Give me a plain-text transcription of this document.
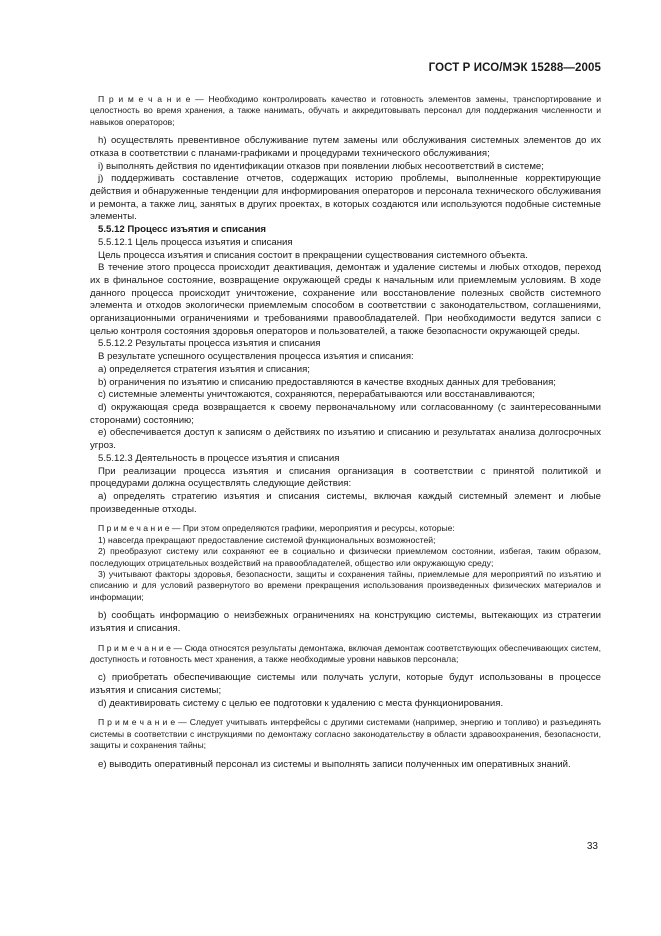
ГОСТ Р ИСО/МЭК 15288—2005

П р и м е ч а н и е — Необходимо контролировать качество и готовность элементов замены, транспортирование и целостность во время хранения, а также нанимать, обучать и аккредитовывать персонал для поддержания численности и навыков операторов;

h) осуществлять превентивное обслуживание путем замены или обслуживания системных элементов до их отказа в соответствии с планами-графиками и процедурами технического обслуживания;

i) выполнять действия по идентификации отказов при появлении любых несоответствий в системе;

j) поддерживать составление отчетов, содержащих историю проблемы, выполненные корректирующие действия и обнаруженные тенденции для информирования операторов и персонала технического обслуживания и ремонта, а также лиц, занятых в других проектах, в которых создаются или используются подобные системные элементы.

5.5.12 Процесс изъятия и списания

5.5.12.1 Цель процесса изъятия и списания

Цель процесса изъятия и списания состоит в прекращении существования системного объекта.

В течение этого процесса происходит деактивация, демонтаж и удаление системы и любых отходов, переход их в финальное состояние, возвращение окружающей среды к начальным или приемлемым условиям. В ходе данного процесса происходит уничтожение, сохранение или восстановление полезных свойств системного элемента и отходов экологически приемлемым способом в соответствии с законодательством, соглашениями, организационными ограничениями и требованиями правообладателей. При необходимости ведутся записи с целью контроля состояния здоровья операторов и пользователей, а также безопасности окружающей среды.

5.5.12.2 Результаты процесса изъятия и списания

В результате успешного осуществления процесса изъятия и списания:

a) определяется стратегия изъятия и списания;

b) ограничения по изъятию и списанию предоставляются в качестве входных данных для требования;

c) системные элементы уничтожаются, сохраняются, перерабатываются или восстанавливаются;

d) окружающая среда возвращается к своему первоначальному или согласованному (с заинтересованными сторонами) состоянию;

e) обеспечивается доступ к записям о действиях по изъятию и списанию и результатах анализа долгосрочных угроз.

5.5.12.3 Деятельность в процессе изъятия и списания

При реализации процесса изъятия и списания организация в соответствии с принятой политикой и процедурами должна осуществлять следующие действия:

a) определять стратегию изъятия и списания системы, включая каждый системный элемент и любые произведенные отходы.

П р и м е ч а н и е — При этом определяются графики, мероприятия и ресурсы, которые:

1) навсегда прекращают предоставление системой функциональных возможностей;

2) преобразуют систему или сохраняют ее в социально и физически приемлемом состоянии, избегая, таким образом, последующих отрицательных воздействий на правообладателей, общество или окружающую среду;

3) учитывают факторы здоровья, безопасности, защиты и сохранения тайны, приемлемые для мероприятий по изъятию и списанию и для условий развернутого во времени прекращения использования произведенных физических материалов и информации;

b) сообщать информацию о неизбежных ограничениях на конструкцию системы, вытекающих из стратегии изъятия и списания.

П р и м е ч а н и е — Сюда относятся результаты демонтажа, включая демонтаж соответствующих обеспечивающих систем, доступность и готовность мест хранения, а также необходимые уровни навыков персонала;

c) приобретать обеспечивающие системы или получать услуги, которые будут использованы в процессе изъятия и списания системы;

d) деактивировать систему с целью ее подготовки к удалению с места функционирования.

П р и м е ч а н и е — Следует учитывать интерфейсы с другими системами (например, энергию и топливо) и разъединять системы в соответствии с инструкциями по демонтажу согласно законодательству в области здравоохранения, безопасности, защиты и сохранения тайны;

e) выводить оперативный персонал из системы и выполнять записи полученных им оперативных знаний.

33
